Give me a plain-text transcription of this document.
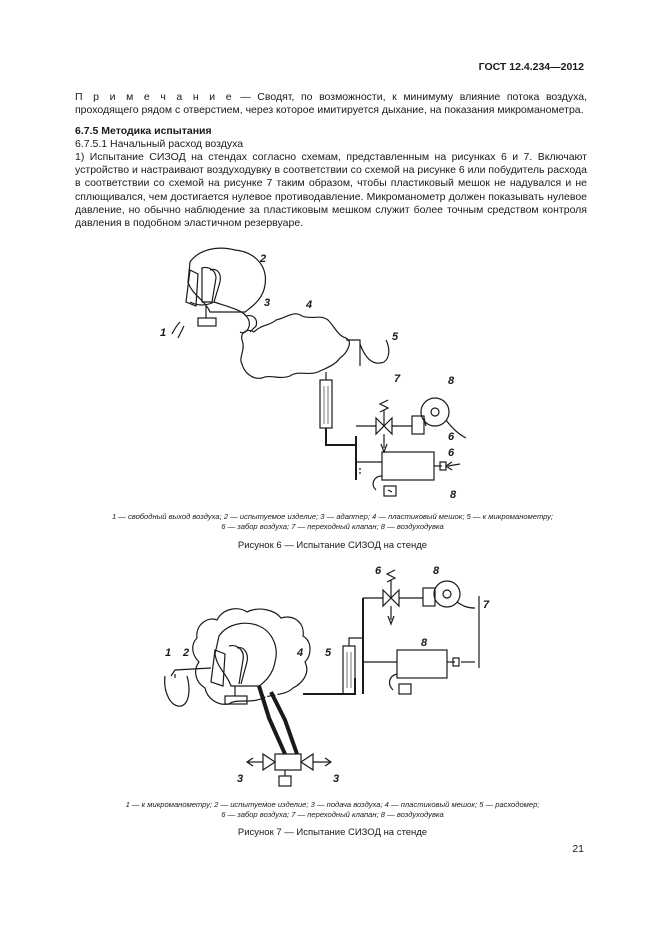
ГОСТ 12.4.234—2012
П р и м е ч а н и е — Сводят, по возможности, к минимуму влияние потока воздуха, проходящего рядом с отверстием, через которое имитируется дыхание, на показания микроманометра.
6.7.5 Методика испытания
6.7.5.1 Начальный расход воздуха
1) Испытание СИЗОД на стендах согласно схемам, представленным на рисунках 6 и 7. Включают устройство и настраивают воздуходувку в соответствии со схемой на рисунке 6 или побудитель расхода в соответствии со схемой на рисунке 7 таким образом, чтобы пластиковый мешок не надувался и не сплющивался, чем достигается нулевое противодавление. Микроманометр должен показывать нулевое давление, но обычно наблюдение за пластиковым мешком служит более точным средством контроля давления в подобном эластичном резервуаре.
1
2
3	4
5
6
6
7	8
8
1 — свободный выход воздуха; 2 — испытуемое изделие; 3 — адаптер; 4 — пластиковый мешок; 5 — к микроманометру;
6 — забор воздуха; 7 — переходный клапан; 8 — воздуходувка
Рисунок 6 — Испытание СИЗОД на стенде
1 2
3	3
4 5
6
7
8
8
1 — к микроманометру; 2 — испытуемое изделие; 3 — подача воздуха; 4 — пластиковый мешок; 5 — расходомер;
6 — забор воздуха; 7 — переходный клапан; 8 — воздуходувка
Рисунок 7 — Испытание СИЗОД на стенде
21
